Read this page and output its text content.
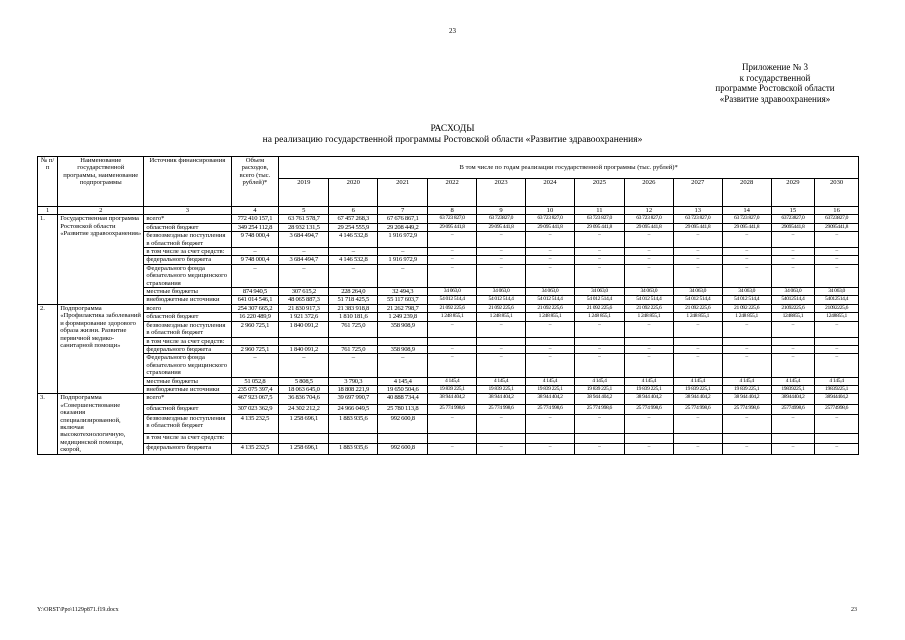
23
Приложение № 3
к государственной
программе Ростовской области
«Развитие здравоохранения»
РАСХОДЫ
на реализацию государственной программы Ростовской области «Развитие здравоохранения»
№ п/п	Наименование государственной программы, наименование подпрограммы	Источник финансирования	Объем расходов, всего (тыс. рублей)*	В том числе по годам реализации государственной программы (тыс. рублей)*											
				2019	2020	2021	2022	2023	2024	2025	2026	2027	2028	2029	2030
1	2	3	4	5	6	7	8	9	10	11	12	13	14	15	16
1.	Государственная программа Ростовской области «Развитие здравоохранения»	всего*	772 410 157,1	63 761 578,7	67 457 268,3	67 676 867,1	63 723 827,0	63 723827,0	63 723 827,0	63 723 827,0	63 723 827,0	63 723 827,0	63 723 827,0	63723827,0	63723827,0
		областной бюджет	349 254 112,8	28 932 131,5	29 254 555,9	29 208 449,2	29 095 441,8	29 095 441,8	29 095 441,8	29 095 441,8	29 095 441,8	29 095 441,8	29 095 441,8	29095441,8	29095441,8
		безвозмездные поступления в областной бюджет	9 748 000,4	3 684 494,7	4 146 532,8	1 916 972,9	–	–	–	–	–	–	–	–	–
		в том числе за счет средств:	–	–	–	–	–	–	–	–	–	–	–	–	–
		федерального бюджета	9 748 000,4	3 684 494,7	4 146 532,8	1 916 972,9	–	–	–	–	–	–	–	–	–
		Федерального фонда обязательного медицинского страхования	–	–	–	–	–	–	–	–	–	–	–	–	–
		местные бюджеты	874 940,5	307 615,2	228 264,0	32 494,3	34 063,0	34 063,0	34 063,0	34 063,0	34 063,0	34 063,0	34 063,0	34 063,0	34 063,0
		внебюджетные источники	641 014 546,1	48 065 887,3	51 718 425,5	55 117 603,7	54 012 514,4	54 012 514,4	54 012 514,4	54 012 514,4	54 012 514,4	54 012 514,4	54 012 514,4	54012514,4	54012514,4
2.	Подпрограмма «Профилактика заболеваний и формирование здорового образа жизни. Развитие первичной медико-санитарной помощи»	всего	254 307 665,2	21 830 917,3	21 383 918,8	21 262 798,7	21 092 225,6	21 092 225,6	21 092 225,6	21 092 225,6	21 092 225,6	21 092 225,6	21 092 225,6	21092225,6	21092225,6
		областной бюджет	16 220 489,9	1 921 372,6	1 810 181,6	1 249 239,8	1 248 855,1	1 248 855,1	1 248 855,1	1 248 855,1	1 248 855,1	1 248 855,1	1 248 855,1	1248855,1	1248855,1
		безвозмездные поступления в областной бюджет	2 960 725,1	1 840 091,2	761 725,0	358 908,9	–	–	–	–	–	–	–	–	–
		в том числе за счет средств:													
		федерального бюджета	2 960 725,1	1 840 091,2	761 725,0	358 908,9	–	–	–	–	–	–	–	–	–
		Федерального фонда обязательного медицинского страхования	–	–	–	–	–	–	–	–	–	–	–	–	–
		местные бюджеты	51 052,8	5 808,5	3 790,3	4 145,4	4 145,4	4 145,4	4 145,4	4 145,4	4 145,4	4 145,4	4 145,4	4 145,4	4 145,4
		внебюджетные источники	235 075 397,4	18 063 645,0	18 808 221,9	19 650 504,6	19 839 225,1	19 839 225,1	19 839 225,1	19 839 225,1	19 839 225,1	19 839 225,1	19 839 225,1	19839225,1	19839225,1
3.	Подпрограмма «Совершенствование оказания специализированной, включая высокотехнологичную, медицинской помощи, скорой,	всего*	467 923 067,5	36 836 704,6	39 697 990,7	40 888 734,4	38 944 404,2	38 944 404,2	38 944 404,2	38 944 404,2	38 944 404,2	38 944 404,2	38 944 404,2	38944404,2	38944404,2
		областной бюджет	307 023 362,9	24 302 212,2	24 966 049,5	25 780 113,8	25 774 998,6	25 774 998,6	25 774 998,6	25 774 998,6	25 774 998,6	25 774 998,6	25 774 998,6	25774998,6	25774998,6
		безвозмездные поступления в областной бюджет	4 135 232,5	1 258 696,1	1 883 935,6	992 600,8	–	–	–	–	–	–	–	–	–
		в том числе за счет средств:													
		федерального бюджета	4 135 232,5	1 258 696,1	1 883 935,6	992 600,8	–	–	–	–	–	–	–	–	–
Y:\ORST\Ppo\1129p871.f19.docx	23
